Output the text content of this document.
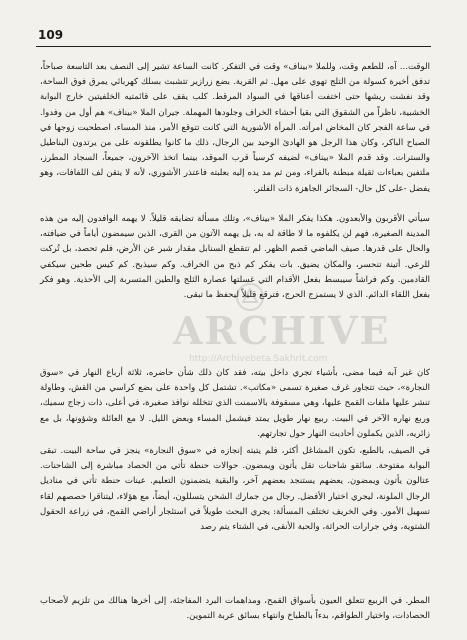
109

الوقت... آه، للطعم وقت، وللملا «بيناف» وقت في التفكر. كانت الساعة تشير إلى النصف بعد التاسعة صباحاً، تدفق أخيرة كسولة من التلج تهوي على مهل. ثم القرية. بضع زرازير تتشبث بسلك كهربائي يمرق فوق الساحة، وقد نفشت ريشها حتى اختفت أعناقها في السواد المرقط. كلب يقف على قائمتيه الخلفيتين خارج البوابة الخشبية، ناظراً من الشقوق التي بقيا أحشاء الخراف وجلودها المهملة. جيران الملا «بيناف» هم أول من وفدوا. في ساعة الفجر كان المخاض امرأته. المرأة الأشورية التي كانت تتوقع الأمر، منذ المساء، اصطحبت زوجها في الصباح الباكر، وكان هذا الرجل هو الهادئ الوحيد بين الرجال، ذلك ما كانوا يطلقونه على من يرتدون البناطيل والسترات. وقد قدم الملا «بيناف» لضيفه كرسياً قرب الموقد، بينما اتخذ الآخرون، جميعاً، السجاد المطرز، ملتفين بعباءات ثقيلة مبطنة بالفراء، ومن ثم مد يده إليه بعلبته فاعتذر الأشوري، لأنه لا يتقن لف اللفافات، وهو يفضل -على كل حال- السجائر الجاهزة ذات الفلتر.

سيأتي الأقربون والأبعدون. هكذا يفكر الملا «بيناف»، وتلك مسألة تضايقه قليلاً. لا يهمه الوافدون إليه من هذه المدينة الصغيرة، فهم لن يكلفوه ما لا طاقة له به، بل يهمه الآتون من القرى، الذين سيمضون أياماً في ضيافته، والحال على قدرها. صيف الماضي قصم الظهر. لم تتقطع السنابل مقدار شبر عن الأرض، فلم تحصد، بل تُركت للرعي. أتينة تنحسر، والمكان يضيق. بات يفكر كم ذبح من الخراف. وكم سيذبح. كم كيس طحين سيكفي القادمين. وكم فراشاً سيبسط بفعل الأقدام التي غسلتها عصارة الثلج والطين المتسربة إلى الأحذية. وهو فكر بفعل اللقاء الدائم. الذي لا يستمزج الحرج، فترقع قليلاً ليحفظ ما تبقى.

كان غير آبه فيما مضى، بأشياء تجري داخل بيته، فقد كان ذلك شأن حاضره، ثلاثة أرباع النهار في «سوق النجارة»، حيث تتجاور غرف صغيرة تسمى «مكاتب». تشتمل كل واحدة على بضع كراسي من القش، وطاولة تنشر عليها ملفات القمح عليها، وهي مسقوفة بالاسمنت الذي تتخلله نوافذ صغيرة، في أعلى، ذات زجاج سميك، وربع نهاره الآخر في البيت. ربيع نهار طويل يمتد فيشمل المساء وبعض الليل. لا مع العائلة وشؤونها، بل مع زائريه، الذين يكملون أحاديث النهار حول تجارتهم.

في الصيف، بالطبع، تكون المشاغل أكثر، فلم يتبته إنجازه في «سوق النجارة» ينجز في ساحة البيت. تبقى البوابة مفتوحة. سائقو شاحنات تقل يأتون ويمضون. حوالات حنطة تأتي من الحصاد مباشرة إلى الشاحنات. عتالون يأتون ويمضون. يعضهم يستنجد بعضهم آخر، والبقية يتضمنون التعليم. عينات حنطة تأتي في مناديل الرجال الملونة، ليجري اختيار الأفضل. رجال من جمارك الشحن يتسللون، أيضاً، مع هؤلاء، ليتناقرا حصصهم لقاء تسهيل الأمور. وفي الخريف تختلف المسألة: يجري البحث طويلاً في استئجار أراضي القمح، في زراعة الحقول الشتوية، وفي جرارات الحراثة، والحبة الأنقى، في الشتاء يتم رصد

المطر. في الربيع تتعلق العيون بأسواق القمح، ومداهمات البرد المفاجئة، إلى أخرها هنالك من تلزيم لأصحاب الحصادات، واختيار الطواقم، بدءاً بالطباخ وانتهاء بسائق عربة التموين.

ARCHIVE
http://Archivebeta.Sakhrit.com
